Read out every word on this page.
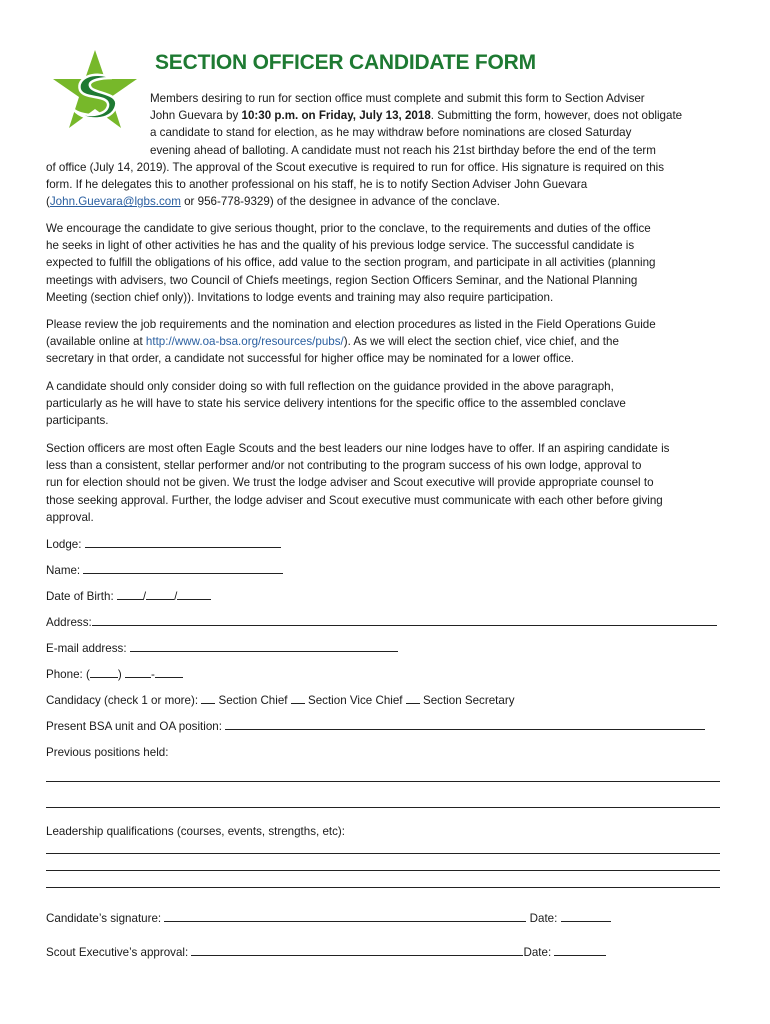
SECTION OFFICER CANDIDATE FORM
Members desiring to run for section office must complete and submit this form to Section Adviser
John Guevara by 10:30 p.m. on Friday, July 13, 2018. Submitting the form, however, does not obligate
a candidate to stand for election, as he may withdraw before nominations are closed Saturday
evening ahead of balloting. A candidate must not reach his 21st birthday before the end of the term
of office (July 14, 2019). The approval of the Scout executive is required to run for office. His signature is required on this
form. If he delegates this to another professional on his staff, he is to notify Section Adviser John Guevara
(John.Guevara@lgbs.com or 956-778-9329) of the designee in advance of the conclave.
We encourage the candidate to give serious thought, prior to the conclave, to the requirements and duties of the office
he seeks in light of other activities he has and the quality of his previous lodge service. The successful candidate is
expected to fulfill the obligations of his office, add value to the section program, and participate in all activities (planning
meetings with advisers, two Council of Chiefs meetings, region Section Officers Seminar, and the National Planning
Meeting (section chief only)). Invitations to lodge events and training may also require participation.
Please review the job requirements and the nomination and election procedures as listed in the Field Operations Guide
(available online at http://www.oa-bsa.org/resources/pubs/). As we will elect the section chief, vice chief, and the
secretary in that order, a candidate not successful for higher office may be nominated for a lower office.
A candidate should only consider doing so with full reflection on the guidance provided in the above paragraph,
particularly as he will have to state his service delivery intentions for the specific office to the assembled conclave
participants.
Section officers are most often Eagle Scouts and the best leaders our nine lodges have to offer. If an aspiring candidate is
less than a consistent, stellar performer and/or not contributing to the program success of his own lodge, approval to
run for election should not be given. We trust the lodge adviser and Scout executive will provide appropriate counsel to
those seeking approval. Further, the lodge adviser and Scout executive must communicate with each other before giving
approval.
Lodge:
Name:
Date of Birth:	/ /
Address:
E-mail address:
Phone: ( )	-
Candidacy (check 1 or more): Section Chief Section Vice Chief Section Secretary
Present BSA unit and OA position:
Previous positions held:
Leadership qualifications (courses, events, strengths, etc):
Candidate’s signature:	Date:
Scout Executive’s approval:	Date:
